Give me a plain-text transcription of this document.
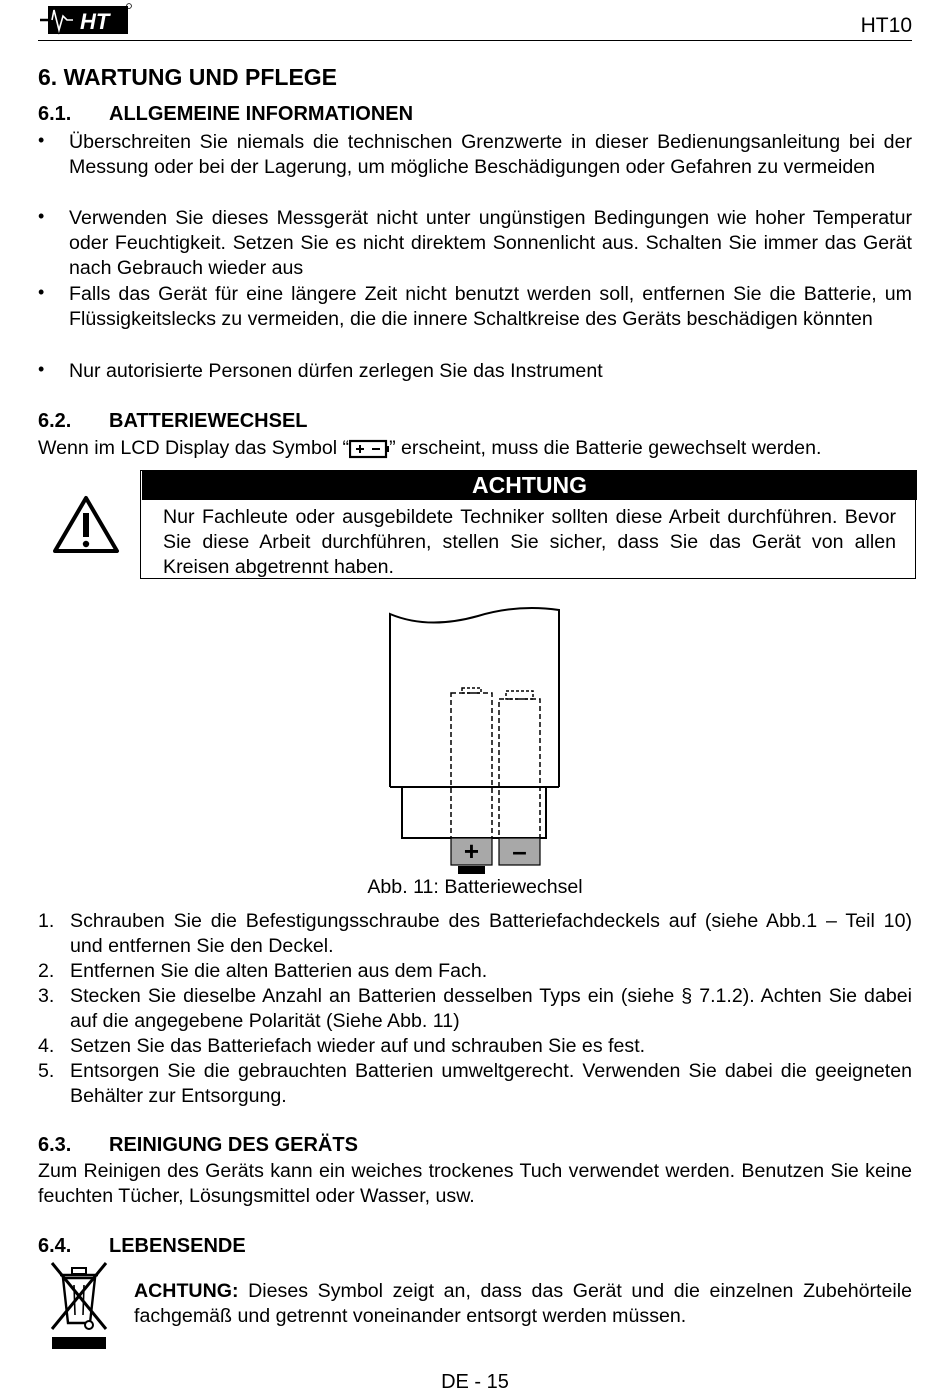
HT	HT10
6. WARTUNG UND PFLEGE
6.1. ALLGEMEINE INFORMATIONEN
•	Überschreiten Sie niemals die technischen Grenzwerte in dieser Bedienungsanleitung bei der Messung oder bei der Lagerung, um mögliche Beschädigungen oder Gefahren zu vermeiden
•	Verwenden Sie dieses Messgerät nicht unter ungünstigen Bedingungen wie hoher Temperatur oder Feuchtigkeit. Setzen Sie es nicht direktem Sonnenlicht aus. Schalten Sie immer das Gerät nach Gebrauch wieder aus
•	Falls das Gerät für eine längere Zeit nicht benutzt werden soll, entfernen Sie die Batterie, um Flüssigkeitslecks zu vermeiden, die die innere Schaltkreise des Geräts beschädigen könnten
•	Nur autorisierte Personen dürfen zerlegen Sie das Instrument
6.2. BATTERIEWECHSEL
Wenn im LCD Display das Symbol “ ” erscheint, muss die Batterie gewechselt werden.
ACHTUNG
Nur Fachleute oder ausgebildete Techniker sollten diese Arbeit durchführen. Bevor Sie diese Arbeit durchführen, stellen Sie sicher, dass Sie das Gerät von allen Kreisen abgetrennt haben.
+ –
Abb. 11: Batteriewechsel
1. Schrauben Sie die Befestigungsschraube des Batteriefachdeckels auf (siehe Abb.1 – Teil 10) und entfernen Sie den Deckel.
2. Entfernen Sie die alten Batterien aus dem Fach.
3. Stecken Sie dieselbe Anzahl an Batterien desselben Typs ein (siehe § 7.1.2). Achten Sie dabei auf die angegebene Polarität (Siehe Abb. 11)
4. Setzen Sie das Batteriefach wieder auf und schrauben Sie es fest.
5. Entsorgen Sie die gebrauchten Batterien umweltgerecht. Verwenden Sie dabei die geeigneten Behälter zur Entsorgung.
6.3. REINIGUNG DES GERÄTS
Zum Reinigen des Geräts kann ein weiches trockenes Tuch verwendet werden. Benutzen Sie keine feuchten Tücher, Lösungsmittel oder Wasser, usw.
6.4. LEBENSENDE
ACHTUNG: Dieses Symbol zeigt an, dass das Gerät und die einzelnen Zubehörteile fachgemäß und getrennt voneinander entsorgt werden müssen.
DE - 15
